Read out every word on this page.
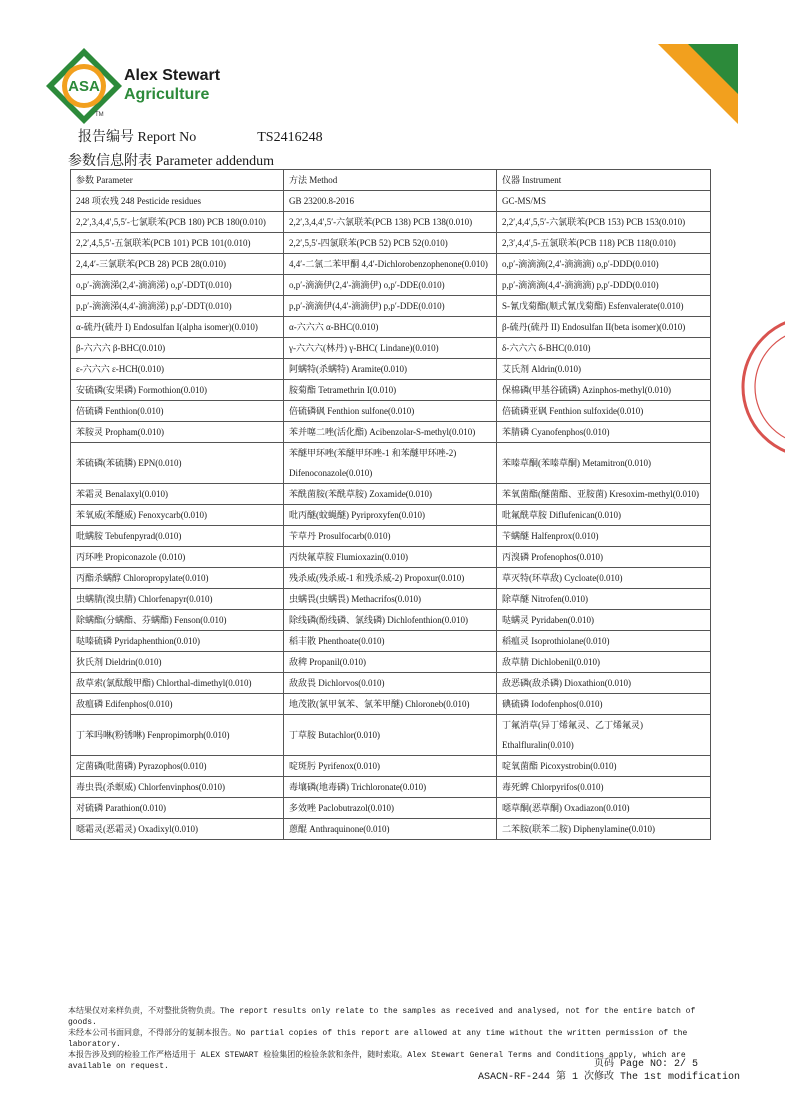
ASA
Alex Stewart
Agriculture
TM
报告编号 Report No	TS2416248
参数信息附表 Parameter addendum
参数 Parameter	方法 Method	仪器 Instrument
248 项农残 248 Pesticide residues	GB 23200.8-2016	GC-MS/MS
2,2′,3,4,4′,5,5′-七氯联苯(PCB 180) PCB 180(0.010)	2,2′,3,4,4′,5′-六氯联苯(PCB 138) PCB 138(0.010)	2,2′,4,4′,5,5′-六氯联苯(PCB 153) PCB 153(0.010)
2,2′,4,5,5′-五氯联苯(PCB 101) PCB 101(0.010)	2,2′,5,5′-四氯联苯(PCB 52) PCB 52(0.010)	2,3′,4,4′,5-五氯联苯(PCB 118) PCB 118(0.010)
2,4,4′-三氯联苯(PCB 28) PCB 28(0.010)	4,4′-二氯二苯甲酮 4,4′-Dichlorobenzophenone(0.010)	o,p′-滴滴滴(2,4′-滴滴滴) o,p′-DDD(0.010)
o,p′-滴滴涕(2,4′-滴滴涕) o,p′-DDT(0.010)	o,p′-滴滴伊(2,4′-滴滴伊) o,p′-DDE(0.010)	p,p′-滴滴滴(4,4′-滴滴滴) p,p′-DDD(0.010)
p,p′-滴滴涕(4,4′-滴滴涕) p,p′-DDT(0.010)	p,p′-滴滴伊(4,4′-滴滴伊) p,p′-DDE(0.010)	S-氰戊菊酯(顺式氰戊菊酯) Esfenvalerate(0.010)
α-硫丹(硫丹 I) Endosulfan I(alpha isomer)(0.010)	α-六六六 α-BHC(0.010)	β-硫丹(硫丹 II) Endosulfan II(beta isomer)(0.010)
β-六六六 β-BHC(0.010)	γ-六六六(林丹) γ-BHC( Lindane)(0.010)	δ-六六六 δ-BHC(0.010)
ε-六六六 ε-HCH(0.010)	阿螨特(杀螨特) Aramite(0.010)	艾氏剂 Aldrin(0.010)
安硫磷(安果磷) Formothion(0.010)	胺菊酯 Tetramethrin I(0.010)	保棉磷(甲基谷硫磷) Azinphos-methyl(0.010)
倍硫磷 Fenthion(0.010)	倍硫磷砜 Fenthion sulfone(0.010)	倍硫磷亚砜 Fenthion sulfoxide(0.010)
苯胺灵 Propham(0.010)	苯并噻二唑(活化酯) Acibenzolar-S-methyl(0.010)	苯腈磷 Cyanofenphos(0.010)
苯硫磷(苯硫膦) EPN(0.010)	苯醚甲环唑(苯醚甲环唑-1 和苯醚甲环唑-2) Difenoconazole(0.010)	苯嗪草酮(苯嗪草酮) Metamitron(0.010)
苯霜灵 Benalaxyl(0.010)	苯酰菌胺(苯酰草胺) Zoxamide(0.010)	苯氧菌酯(醚菌酯、亚胺菌) Kresoxim-methyl(0.010)
苯氧威(苯醚威) Fenoxycarb(0.010)	吡丙醚(蚊蝇醚) Pyriproxyfen(0.010)	吡氟酰草胺 Diflufenican(0.010)
吡螨胺 Tebufenpyrad(0.010)	苄草丹 Prosulfocarb(0.010)	苄螨醚 Halfenprox(0.010)
丙环唑 Propiconazole (0.010)	丙炔氟草胺 Flumioxazin(0.010)	丙溴磷 Profenophos(0.010)
丙酯杀螨醇 Chloropropylate(0.010)	残杀威(残杀威-1 和残杀威-2) Propoxur(0.010)	草灭特(环草敌) Cycloate(0.010)
虫螨腈(溴虫腈) Chlorfenapyr(0.010)	虫螨畏(虫螨畏) Methacrifos(0.010)	除草醚 Nitrofen(0.010)
除螨酯(分螨酯、芬螨酯) Fenson(0.010)	除线磷(酚线磷、氯线磷) Dichlofenthion(0.010)	哒螨灵 Pyridaben(0.010)
哒嗪硫磷 Pyridaphenthion(0.010)	稻丰散 Phenthoate(0.010)	稻瘟灵 Isoprothiolane(0.010)
狄氏剂 Dieldrin(0.010)	敌稗 Propanil(0.010)	敌草腈 Dichlobenil(0.010)
敌草索(氯酞酸甲酯) Chlorthal-dimethyl(0.010)	敌敌畏 Dichlorvos(0.010)	敌恶磷(敌杀磷) Dioxathion(0.010)
敌瘟磷 Edifenphos(0.010)	地茂散(氯甲氧苯、氯苯甲醚) Chloroneb(0.010)	碘硫磷 Iodofenphos(0.010)
丁苯吗啉(粉锈啉) Fenpropimorph(0.010)	丁草胺 Butachlor(0.010)	丁氟消草(异丁烯氟灵、乙丁烯氟灵) Ethalfluralin(0.010)
定菌磷(吡菌磷) Pyrazophos(0.010)	啶斑肟 Pyrifenox(0.010)	啶氧菌酯 Picoxystrobin(0.010)
毒虫畏(杀螟威) Chlorfenvinphos(0.010)	毒壤磷(地毒磷) Trichloronate(0.010)	毒死蜱 Chlorpyrifos(0.010)
对硫磷 Parathion(0.010)	多效唑 Paclobutrazol(0.010)	噁草酮(恶草酮) Oxadiazon(0.010)
噁霜灵(恶霜灵) Oxadixyl(0.010)	蒽醌 Anthraquinone(0.010)	二苯胺(联苯二胺) Diphenylamine(0.010)
本结果仅对来样负责，不对整批货物负责。The report results only relate to the samples as received and analysed, not for the entire batch of goods.
未经本公司书面同意，不得部分的复制本报告。No partial copies of this report are allowed at any time without the written permission of the laboratory.
本报告涉及到的检验工作严格适用于 ALEX STEWART 检验集团的检验条款和条件，随时索取。Alex Stewart General Terms and Conditions apply, which are available on request.	页码 Page NO: 2/ 5
ASACN-RF-244 第 1 次修改 The 1st modification
